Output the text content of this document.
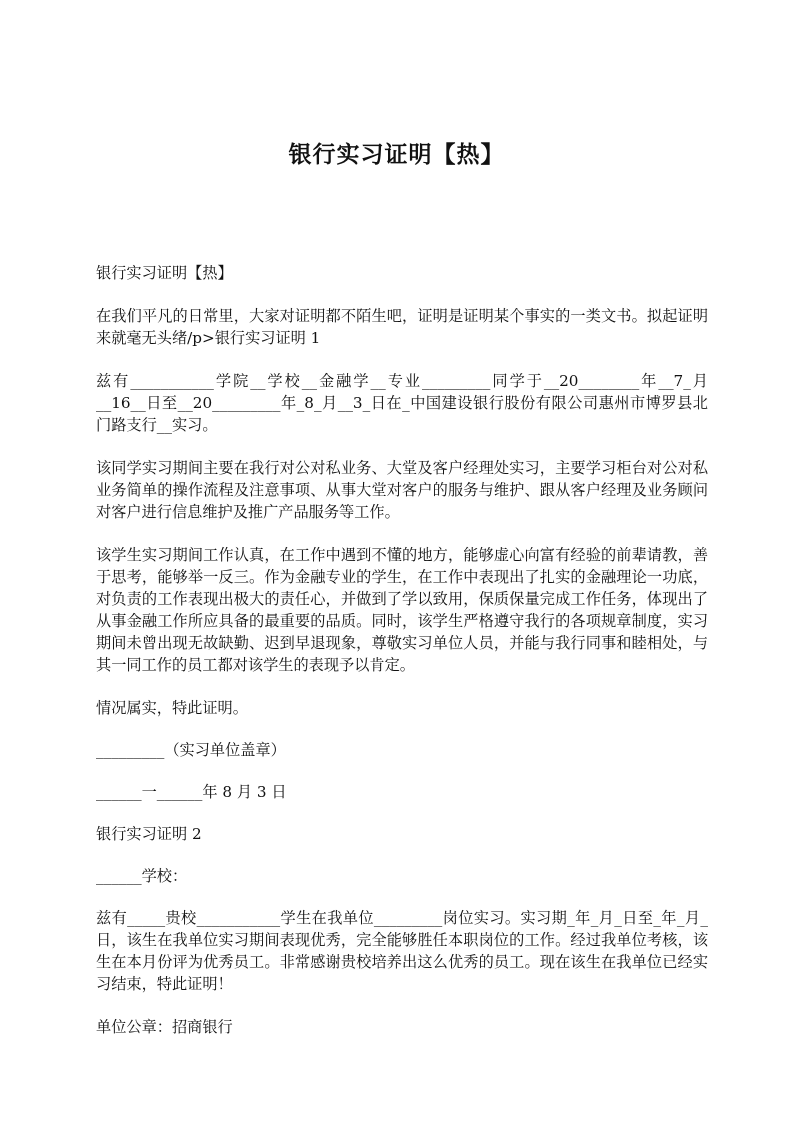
银行实习证明【热】

银行实习证明【热】

在我们平凡的日常里，大家对证明都不陌生吧，证明是证明某个事实的一类文书。拟起证明来就毫无头绪/p>银行实习证明 1

兹有___________学院__学校__金融学__专业_________同学于__20________年__7_月__16__日至__20_________年_8_月__3_日在_中国建设银行股份有限公司惠州市博罗县北门路支行__实习。

该同学实习期间主要在我行对公对私业务、大堂及客户经理处实习，主要学习柜台对公对私业务简单的操作流程及注意事项、从事大堂对客户的服务与维护、跟从客户经理及业务顾问对客户进行信息维护及推广产品服务等工作。

该学生实习期间工作认真，在工作中遇到不懂的地方，能够虚心向富有经验的前辈请教，善于思考，能够举一反三。作为金融专业的学生，在工作中表现出了扎实的金融理论一功底，对负责的工作表现出极大的责任心，并做到了学以致用，保质保量完成工作任务，体现出了从事金融工作所应具备的最重要的品质。同时，该学生严格遵守我行的各项规章制度，实习期间未曾出现无故缺勤、迟到早退现象，尊敬实习单位人员，并能与我行同事和睦相处，与其一同工作的员工都对该学生的表现予以肯定。

情况属实，特此证明。

_________（实习单位盖章）

______一______年 8 月 3 日

银行实习证明 2

______学校：

兹有_____贵校___________学生在我单位_________岗位实习。实习期_年_月_日至_年_月_日，该生在我单位实习期间表现优秀，完全能够胜任本职岗位的工作。经过我单位考核，该生在本月份评为优秀员工。非常感谢贵校培养出这么优秀的员工。现在该生在我单位已经实习结束，特此证明！

单位公章：招商银行
